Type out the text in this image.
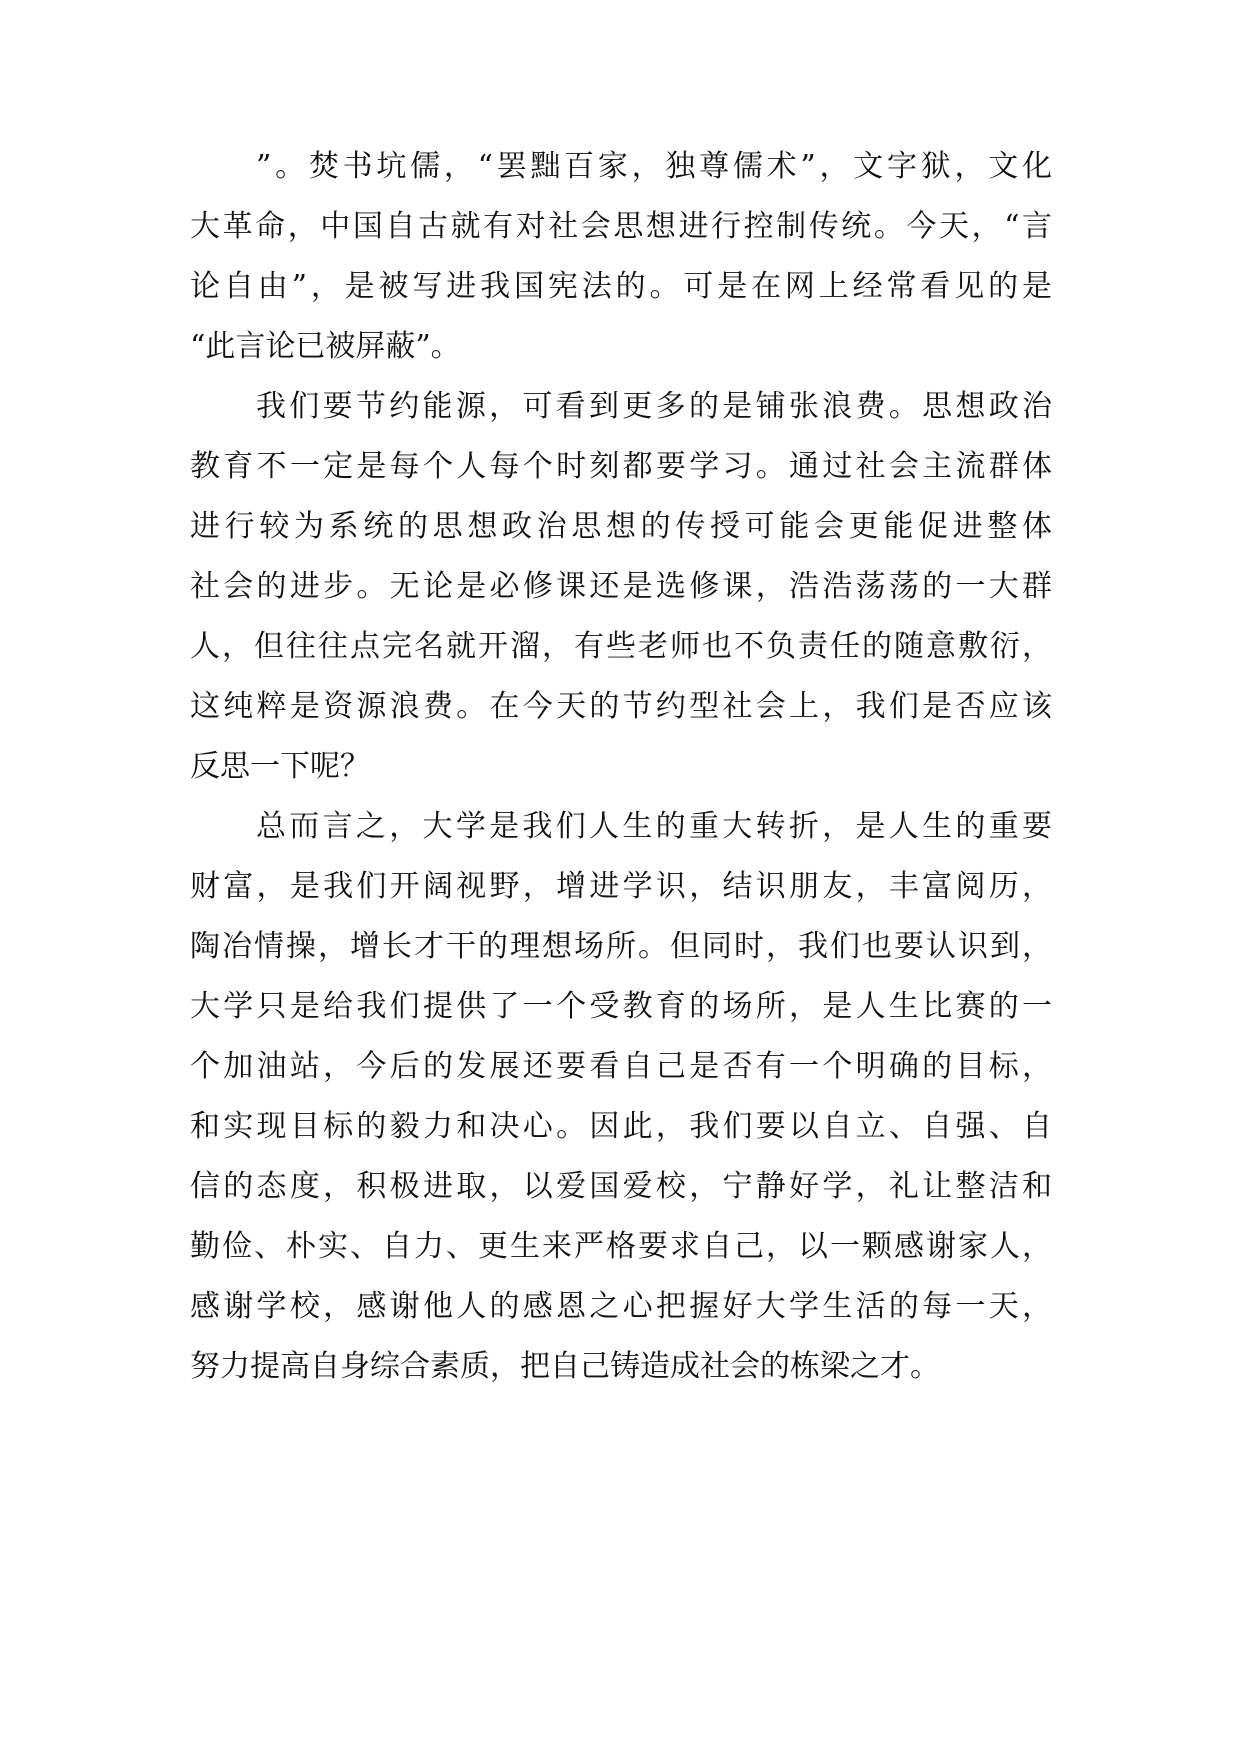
”。焚书坑儒，“罢黜百家，独尊儒术”，文字狱，文化
大革命，中国自古就有对社会思想进行控制传统。今天，“言
论自由”，是被写进我国宪法的。可是在网上经常看见的是
“此言论已被屏蔽”。
我们要节约能源，可看到更多的是铺张浪费。思想政治
教育不一定是每个人每个时刻都要学习。通过社会主流群体
进行较为系统的思想政治思想的传授可能会更能促进整体
社会的进步。无论是必修课还是选修课，浩浩荡荡的一大群
人，但往往点完名就开溜，有些老师也不负责任的随意敷衍，
这纯粹是资源浪费。在今天的节约型社会上，我们是否应该
反思一下呢？
总而言之，大学是我们人生的重大转折，是人生的重要
财富，是我们开阔视野，增进学识，结识朋友，丰富阅历，
陶冶情操，增长才干的理想场所。但同时，我们也要认识到，
大学只是给我们提供了一个受教育的场所，是人生比赛的一
个加油站，今后的发展还要看自己是否有一个明确的目标，
和实现目标的毅力和决心。因此，我们要以自立、自强、自
信的态度，积极进取，以爱国爱校，宁静好学，礼让整洁和
勤俭、朴实、自力、更生来严格要求自己，以一颗感谢家人，
感谢学校，感谢他人的感恩之心把握好大学生活的每一天，
努力提高自身综合素质，把自己铸造成社会的栋梁之才。
